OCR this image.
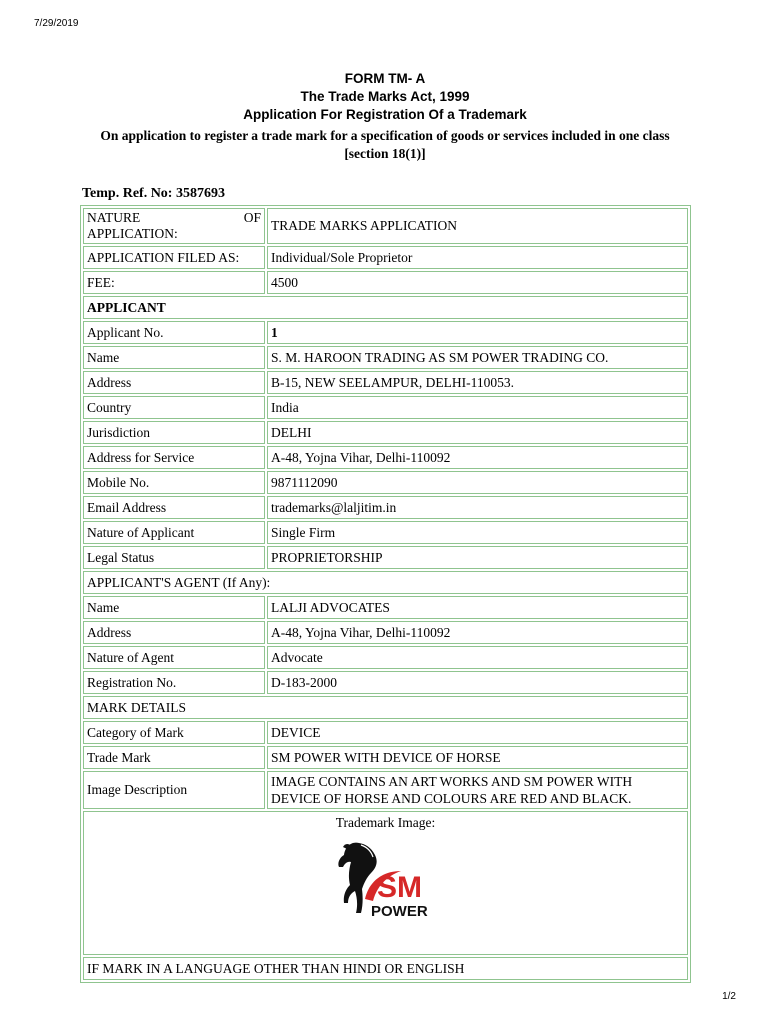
7/29/2019
FORM TM- A
The Trade Marks Act, 1999
Application For Registration Of a Trademark
On application to register a trade mark for a specification of goods or services included in one class [section 18(1)]
Temp. Ref. No: 3587693
NATURE OF
APPLICATION:	TRADE MARKS APPLICATION
APPLICATION FILED AS:	Individual/Sole Proprietor
FEE:	4500
APPLICANT	
Applicant No.	1
Name	S. M. HAROON TRADING AS SM POWER TRADING CO.
Address	B-15, NEW SEELAMPUR, DELHI-110053.
Country	India
Jurisdiction	DELHI
Address for Service	A-48, Yojna Vihar, Delhi-110092
Mobile No.	9871112090
Email Address	trademarks@laljitim.in
Nature of Applicant	Single Firm
Legal Status	PROPRIETORSHIP
APPLICANT'S AGENT (If Any):	
Name	LALJI ADVOCATES
Address	A-48, Yojna Vihar, Delhi-110092
Nature of Agent	Advocate
Registration No.	D-183-2000
MARK DETAILS	
Category of Mark	DEVICE
Trade Mark	SM POWER WITH DEVICE OF HORSE
Image Description	IMAGE CONTAINS AN ART WORKS AND SM POWER WITH DEVICE OF HORSE AND COLOURS ARE RED AND BLACK.

Trademark Image:
SM
POWER	

IF MARK IN A LANGUAGE OTHER THAN HINDI OR ENGLISH	
1/2
